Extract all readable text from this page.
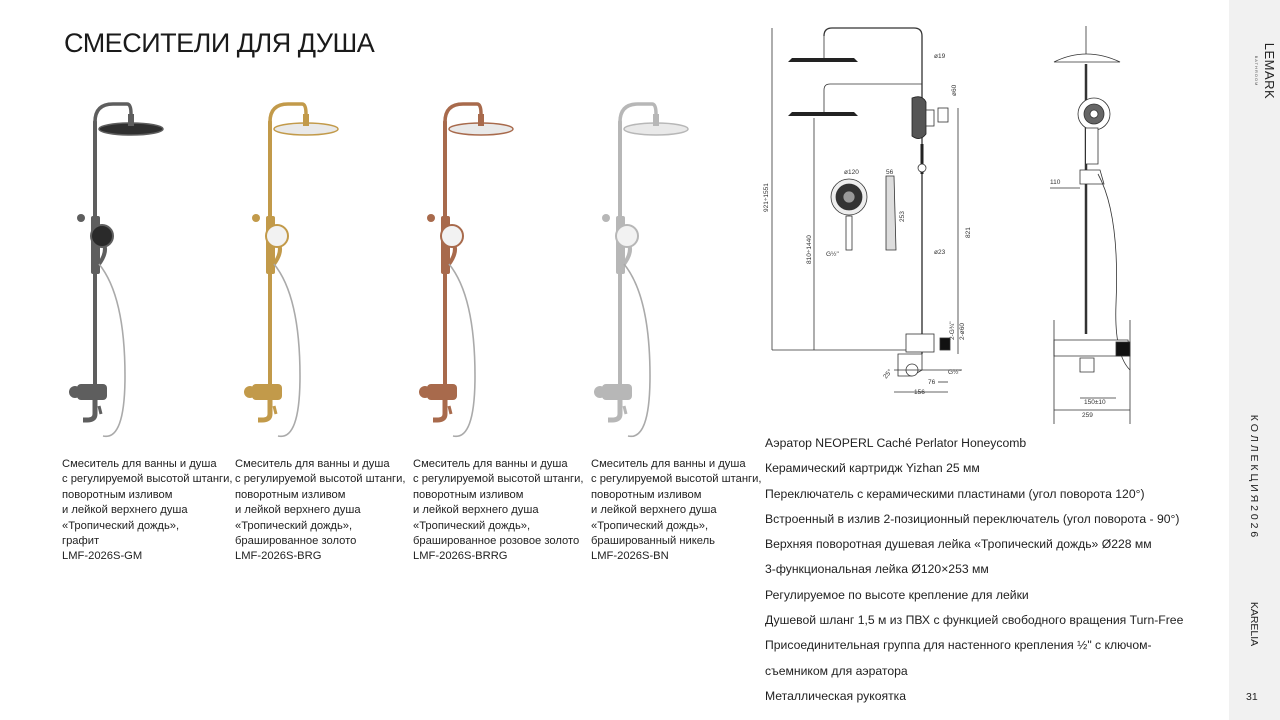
СМЕСИТЕЛИ ДЛЯ ДУША
Смеситель для ванны и душа
с регулируемой высотой штанги,
поворотным изливом
и лейкой верхнего душа
«Тропический дождь»,
графит
LMF-2026S-GM
Смеситель для ванны и душа
с регулируемой высотой штанги,
поворотным изливом
и лейкой верхнего душа
«Тропический дождь»,
брашированное золото
LMF-2026S-BRG
Смеситель для ванны и душа
с регулируемой высотой штанги,
поворотным изливом
и лейкой верхнего душа
«Тропический дождь»,
брашированное розовое золото
LMF-2026S-BRRG
Смеситель для ванны и душа
с регулируемой высотой штанги,
поворотным изливом
и лейкой верхнего душа
«Тропический дождь»,
брашированный никель
LMF-2026S-BN
ø19
ø60
ø120	56
253
ø23
921÷1551
810÷1440
821
G½"
2-G¾" 2-ø60
G½"
25°
76
156
110
150±10
259
Аэратор NEOPERL Caché Perlator Honeycomb
Керамический картридж Yizhan 25 мм
Переключатель с керамическими пластинами (угол поворота 120°)
Встроенный в излив 2-позиционный переключатель (угол поворота - 90°)
Верхняя поворотная душевая лейка «Тропический дождь» Ø228 мм
3-функциональная лейка Ø120×253 мм
Регулируемое по высоте крепление для лейки
Душевой шланг 1,5 м из ПВХ с функцией свободного вращения Turn-Free
Присоединительная группа для настенного крепления ½" с ключом-
съемником для аэратора
Металлическая рукоятка
LEMARK
BATHROOM
К О Л Л Е К Ц И Я 2 0 2 6
KARELIA
31
